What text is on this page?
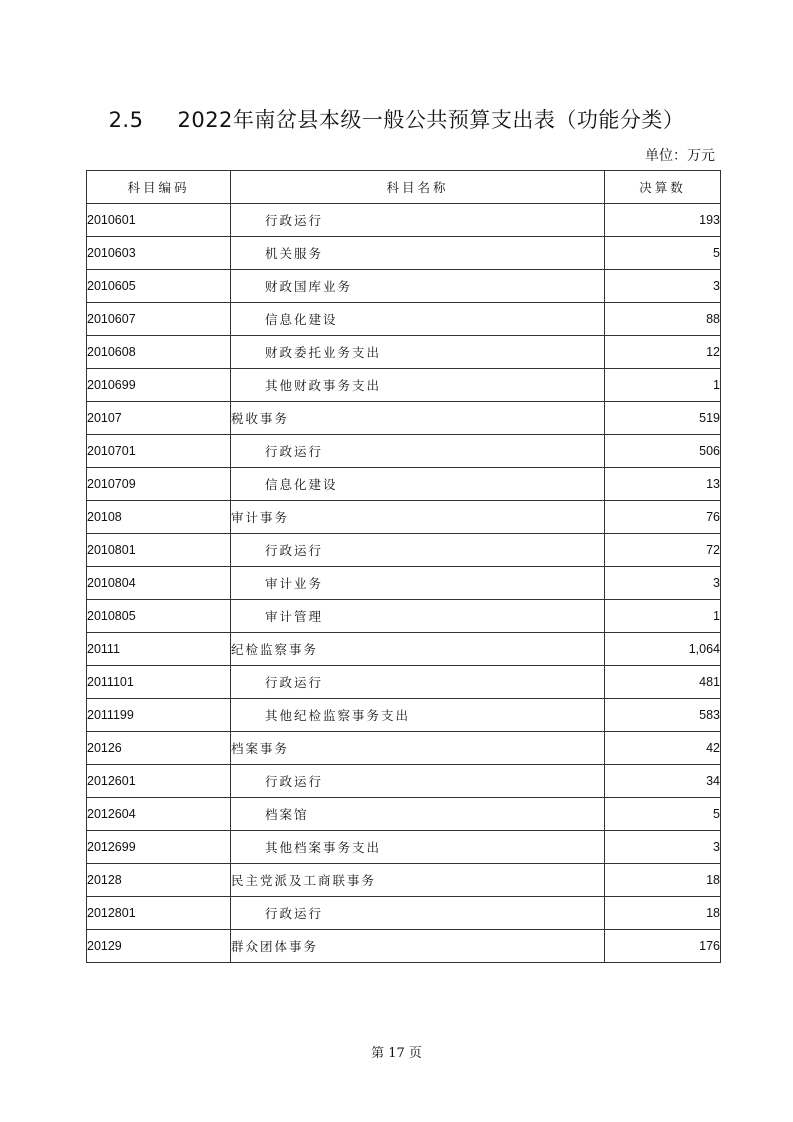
2.5 2022年南岔县本级一般公共预算支出表（功能分类）
单位：万元
科目编码	科目名称	决算数
2010601	行政运行	193
2010603	机关服务	5
2010605	财政国库业务	3
2010607	信息化建设	88
2010608	财政委托业务支出	12
2010699	其他财政事务支出	1
20107	税收事务	519
2010701	行政运行	506
2010709	信息化建设	13
20108	审计事务	76
2010801	行政运行	72
2010804	审计业务	3
2010805	审计管理	1
20111	纪检监察事务	1,064
2011101	行政运行	481
2011199	其他纪检监察事务支出	583
20126	档案事务	42
2012601	行政运行	34
2012604	档案馆	5
2012699	其他档案事务支出	3
20128	民主党派及工商联事务	18
2012801	行政运行	18
20129	群众团体事务	176
第 17 页
